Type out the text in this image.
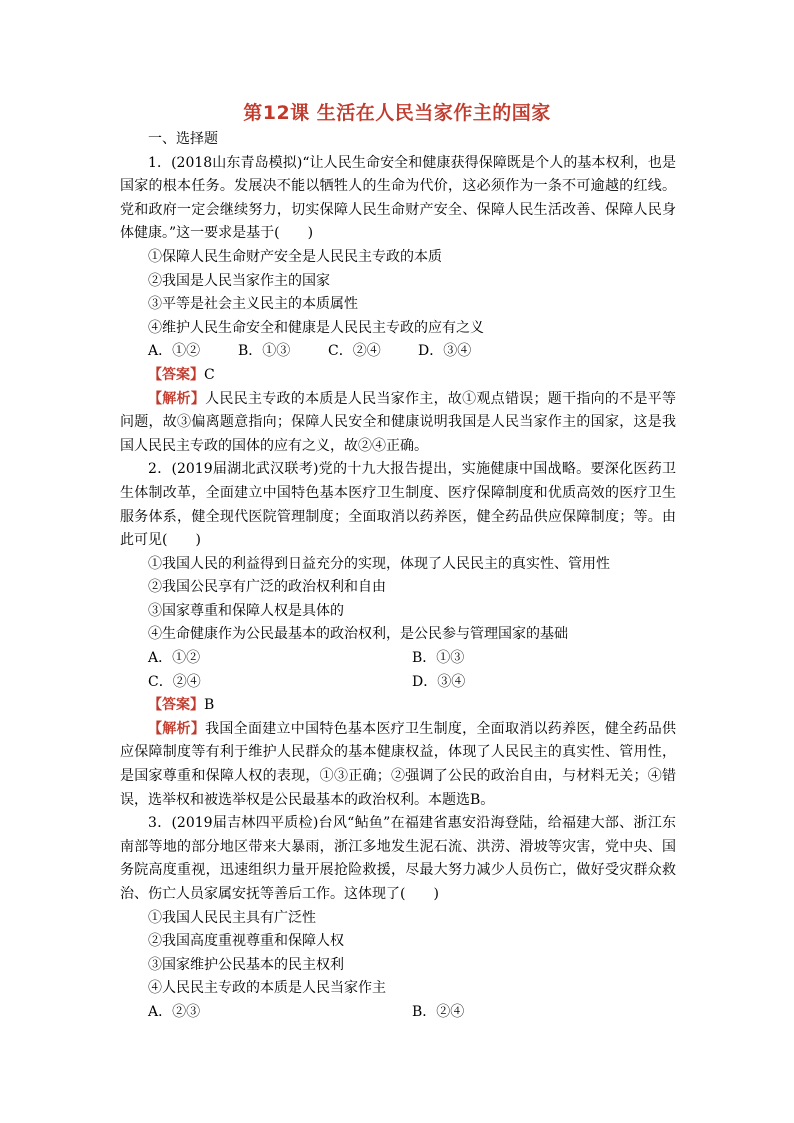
第12课 生活在人民当家作主的国家

一、选择题

1．(2018山东青岛模拟)“让人民生命安全和健康获得保障既是个人的基本权利，也是国家的根本任务。发展决不能以牺牲人的生命为代价，这必须作为一条不可逾越的红线。党和政府一定会继续努力，切实保障人民生命财产安全、保障人民生活改善、保障人民身体健康。”这一要求是基于(　　)

①保障人民生命财产安全是人民民主专政的本质

②我国是人民当家作主的国家

③平等是社会主义民主的本质属性

④维护人民生命安全和健康是人民民主专政的应有之义

A．①②	B．①③	C．②④	D．③④

【答案】C

【解析】人民民主专政的本质是人民当家作主，故①观点错误；题干指向的不是平等问题，故③偏离题意指向；保障人民安全和健康说明我国是人民当家作主的国家，这是我国人民民主专政的国体的应有之义，故②④正确。

2．(2019届湖北武汉联考)党的十九大报告提出，实施健康中国战略。要深化医药卫生体制改革，全面建立中国特色基本医疗卫生制度、医疗保障制度和优质高效的医疗卫生服务体系，健全现代医院管理制度；全面取消以药养医，健全药品供应保障制度；等。由此可见(　　)

①我国人民的利益得到日益充分的实现，体现了人民民主的真实性、管用性

②我国公民享有广泛的政治权利和自由

③国家尊重和保障人权是具体的

④生命健康作为公民最基本的政治权利，是公民参与管理国家的基础

A．①②	B．①③
C．②④	D．③④

【答案】B

【解析】我国全面建立中国特色基本医疗卫生制度，全面取消以药养医，健全药品供应保障制度等有利于维护人民群众的基本健康权益，体现了人民民主的真实性、管用性，是国家尊重和保障人权的表现，①③正确；②强调了公民的政治自由，与材料无关；④错误，选举权和被选举权是公民最基本的政治权利。本题选B。

3．(2019届吉林四平质检)台风“鲇鱼”在福建省惠安沿海登陆，给福建大部、浙江东南部等地的部分地区带来大暴雨，浙江多地发生泥石流、洪涝、滑坡等灾害，党中央、国务院高度重视，迅速组织力量开展抢险救援，尽最大努力减少人员伤亡，做好受灾群众救治、伤亡人员家属安抚等善后工作。这体现了(　　)

①我国人民民主具有广泛性

②我国高度重视尊重和保障人权

③国家维护公民基本的民主权利

④人民民主专政的本质是人民当家作主

A．②③	B．②④
